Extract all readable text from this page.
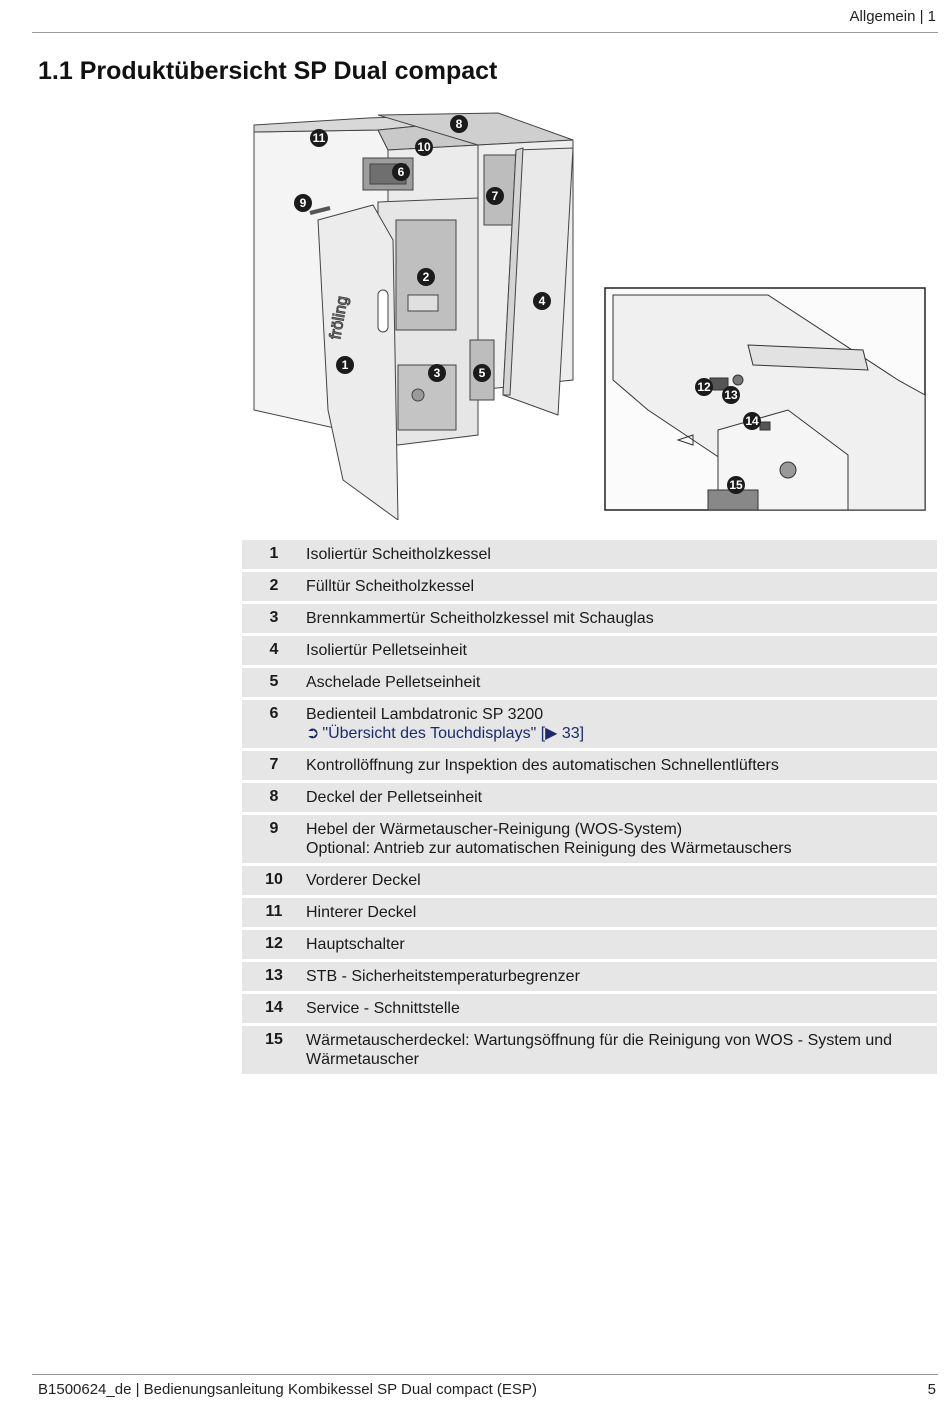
Allgemein | 1
1.1 Produktübersicht SP Dual compact
fröling
1
2
3
4
5
6
7
8
9
10
11
12
13
14
15
1	Isoliertür Scheitholzkessel
2	Fülltür Scheitholzkessel
3	Brennkammertür Scheitholzkessel mit Schauglas
4	Isoliertür Pelletseinheit
5	Aschelade Pelletseinheit
6	Bedienteil Lambdatronic SP 3200
➲ "Übersicht des Touchdisplays" [▶ 33]

7	Kontrollöffnung zur Inspektion des automatischen Schnellentlüfters
8	Deckel der Pelletseinheit
9	Hebel der Wärmetauscher-Reinigung (WOS-System)
Optional: Antrieb zur automatischen Reinigung des Wärmetauschers
10	Vorderer Deckel
11	Hinterer Deckel
12	Hauptschalter
13	STB - Sicherheitstemperaturbegrenzer
14	Service - Schnittstelle
15	Wärmetauscherdeckel: Wartungsöffnung für die Reinigung von WOS - System und
Wärmetauscher
B1500624_de | Bedienungsanleitung Kombikessel SP Dual compact (ESP)	5
